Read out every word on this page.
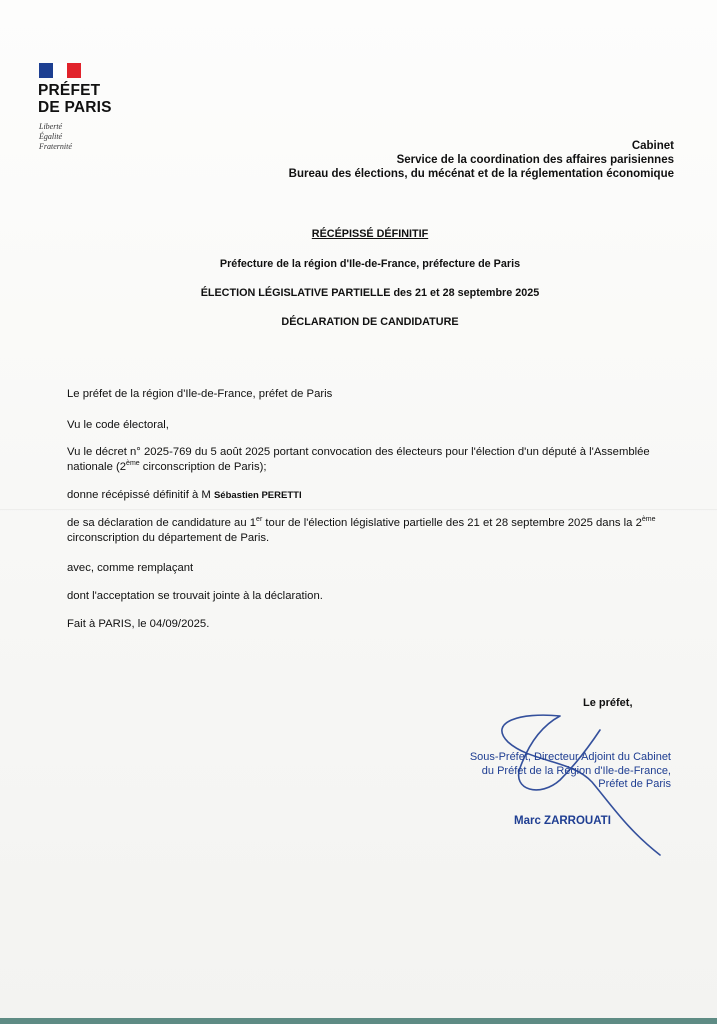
PRÉFET
DE PARIS
Liberté
Égalité
Fraternité	Cabinet
Service de la coordination des affaires parisiennes
Bureau des élections, du mécénat et de la réglementation économique
RÉCÉPISSÉ DÉFINITIF
Préfecture de la région d'Ile-de-France, préfecture de Paris
ÉLECTION LÉGISLATIVE PARTIELLE des 21 et 28 septembre 2025
DÉCLARATION DE CANDIDATURE
Le préfet de la région d'Ile-de-France, préfet de Paris
Vu le code électoral,
Vu le décret n° 2025-769 du 5 août 2025 portant convocation des électeurs pour l'élection d'un député à l'Assemblée nationale (2ème circonscription de Paris);
donne récépissé définitif à M Sébastien PERETTI
de sa déclaration de candidature au 1er tour de l'élection législative partielle des 21 et 28 septembre 2025 dans la 2ème circonscription du département de Paris.
avec, comme remplaçant
dont l'acceptation se trouvait jointe à la déclaration.
Fait à PARIS, le 04/09/2025.
Le préfet,
Sous-Préfet, Directeur Adjoint du Cabinet
du Préfet de la Région d'Ile-de-France,
Préfet de Paris
Marc ZARROUATI
